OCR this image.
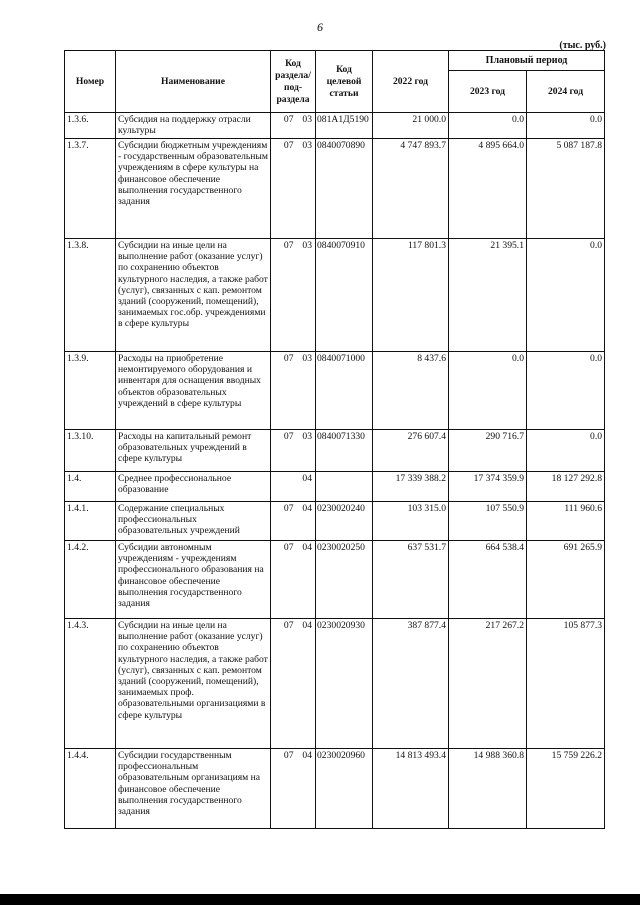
6
(тыс. руб.)
Номер	Наименование	Код раздела/ под-раздела		Код целевой статьи	2022 год	Плановый период	
						2023 год	2024 год
1.3.6.	Субсидия на поддержку отрасли культуры	07	03	081А1Д5190	21 000.0	0.0	0.0
1.3.7.	Субсидии бюджетным учреждениям - государственным образовательным учреждениям в сфере культуры на финансовое обеспечение выполнения государственного задания	07	03	0840070890	4 747 893.7	4 895 664.0	5 087 187.8
1.3.8.	Субсидии на иные цели на выполнение работ (оказание услуг) по сохранению объектов культурного наследия, а также работ (услуг), связанных с кап. ремонтом зданий (сооружений, помещений), занимаемых гос.обр. учреждениями в сфере культуры	07	03	0840070910	117 801.3	21 395.1	0.0
1.3.9.	Расходы на приобретение немонтируемого оборудования и инвентаря для оснащения вводных объектов образовательных учреждений в сфере культуры	07	03	0840071000	8 437.6	0.0	0.0
1.3.10.	Расходы на капитальный ремонт образовательных учреждений в сфере культуры	07	03	0840071330	276 607.4	290 716.7	0.0
1.4.	Среднее профессиональное образование		04		17 339 388.2	17 374 359.9	18 127 292.8
1.4.1.	Содержание специальных профессиональных образовательных учреждений	07	04	0230020240	103 315.0	107 550.9	111 960.6
1.4.2.	Субсидии автономным учреждениям - учреждениям профессионального образования на финансовое обеспечение выполнения государственного задания	07	04	0230020250	637 531.7	664 538.4	691 265.9
1.4.3.	Субсидии на иные цели на выполнение работ (оказание услуг) по сохранению объектов культурного наследия, а также работ (услуг), связанных с кап. ремонтом зданий (сооружений, помещений), занимаемых проф. образовательными организациями в сфере культуры	07	04	0230020930	387 877.4	217 267.2	105 877.3
1.4.4.	Субсидии государственным профессиональным образовательным организациям на финансовое обеспечение выполнения государственного задания	07	04	0230020960	14 813 493.4	14 988 360.8	15 759 226.2
